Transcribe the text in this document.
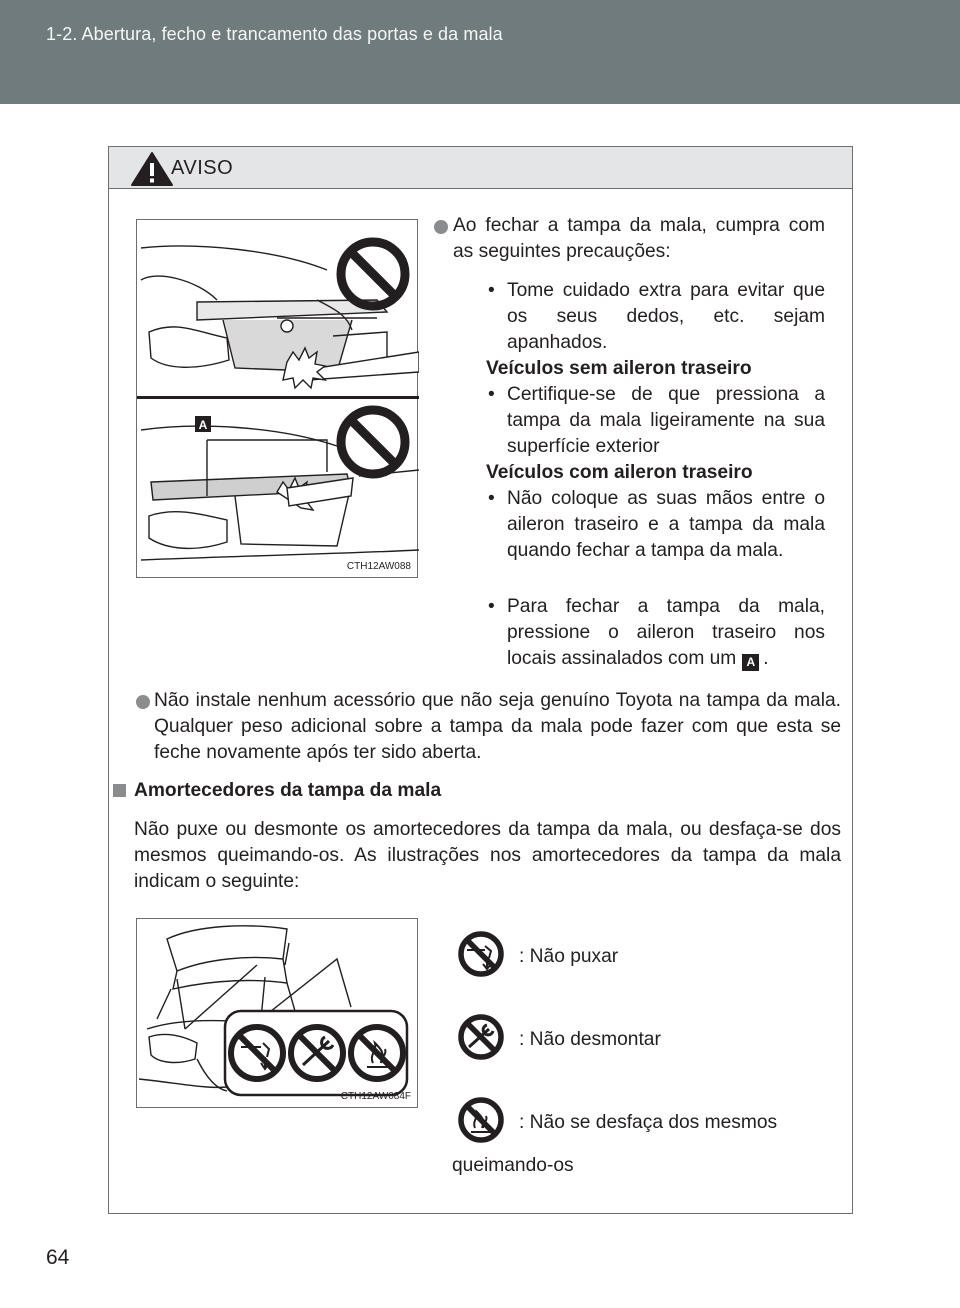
1-2. Abertura, fecho e trancamento das portas e da mala
AVISO
A
CTH12AW088
Ao fechar a tampa da mala, cumpra com as seguintes precauções:
• Tome cuidado extra para evitar que os seus dedos, etc. sejam apanhados.
Veículos sem aileron traseiro
• Certifique-se de que pressiona a tampa da mala ligeiramente na sua superfície exterior
Veículos com aileron traseiro
• Não coloque as suas mãos entre o aileron traseiro e a tampa da mala quando fechar a tampa da mala.
• Para fechar a tampa da mala, pressione o aileron traseiro nos locais assinalados com um A .
Não instale nenhum acessório que não seja genuíno Toyota na tampa da mala. Qualquer peso adicional sobre a tampa da mala pode fazer com que esta se feche novamente após ter sido aberta.
Amortecedores da tampa da mala
Não puxe ou desmonte os amortecedores da tampa da mala, ou desfaça-se dos mesmos queimando-os. As ilustrações nos amortecedores da tampa da mala indicam o seguinte:
CTH12AW084F
: Não puxar
: Não desmontar
: Não se desfaça dos mesmos
queimando-os
64
